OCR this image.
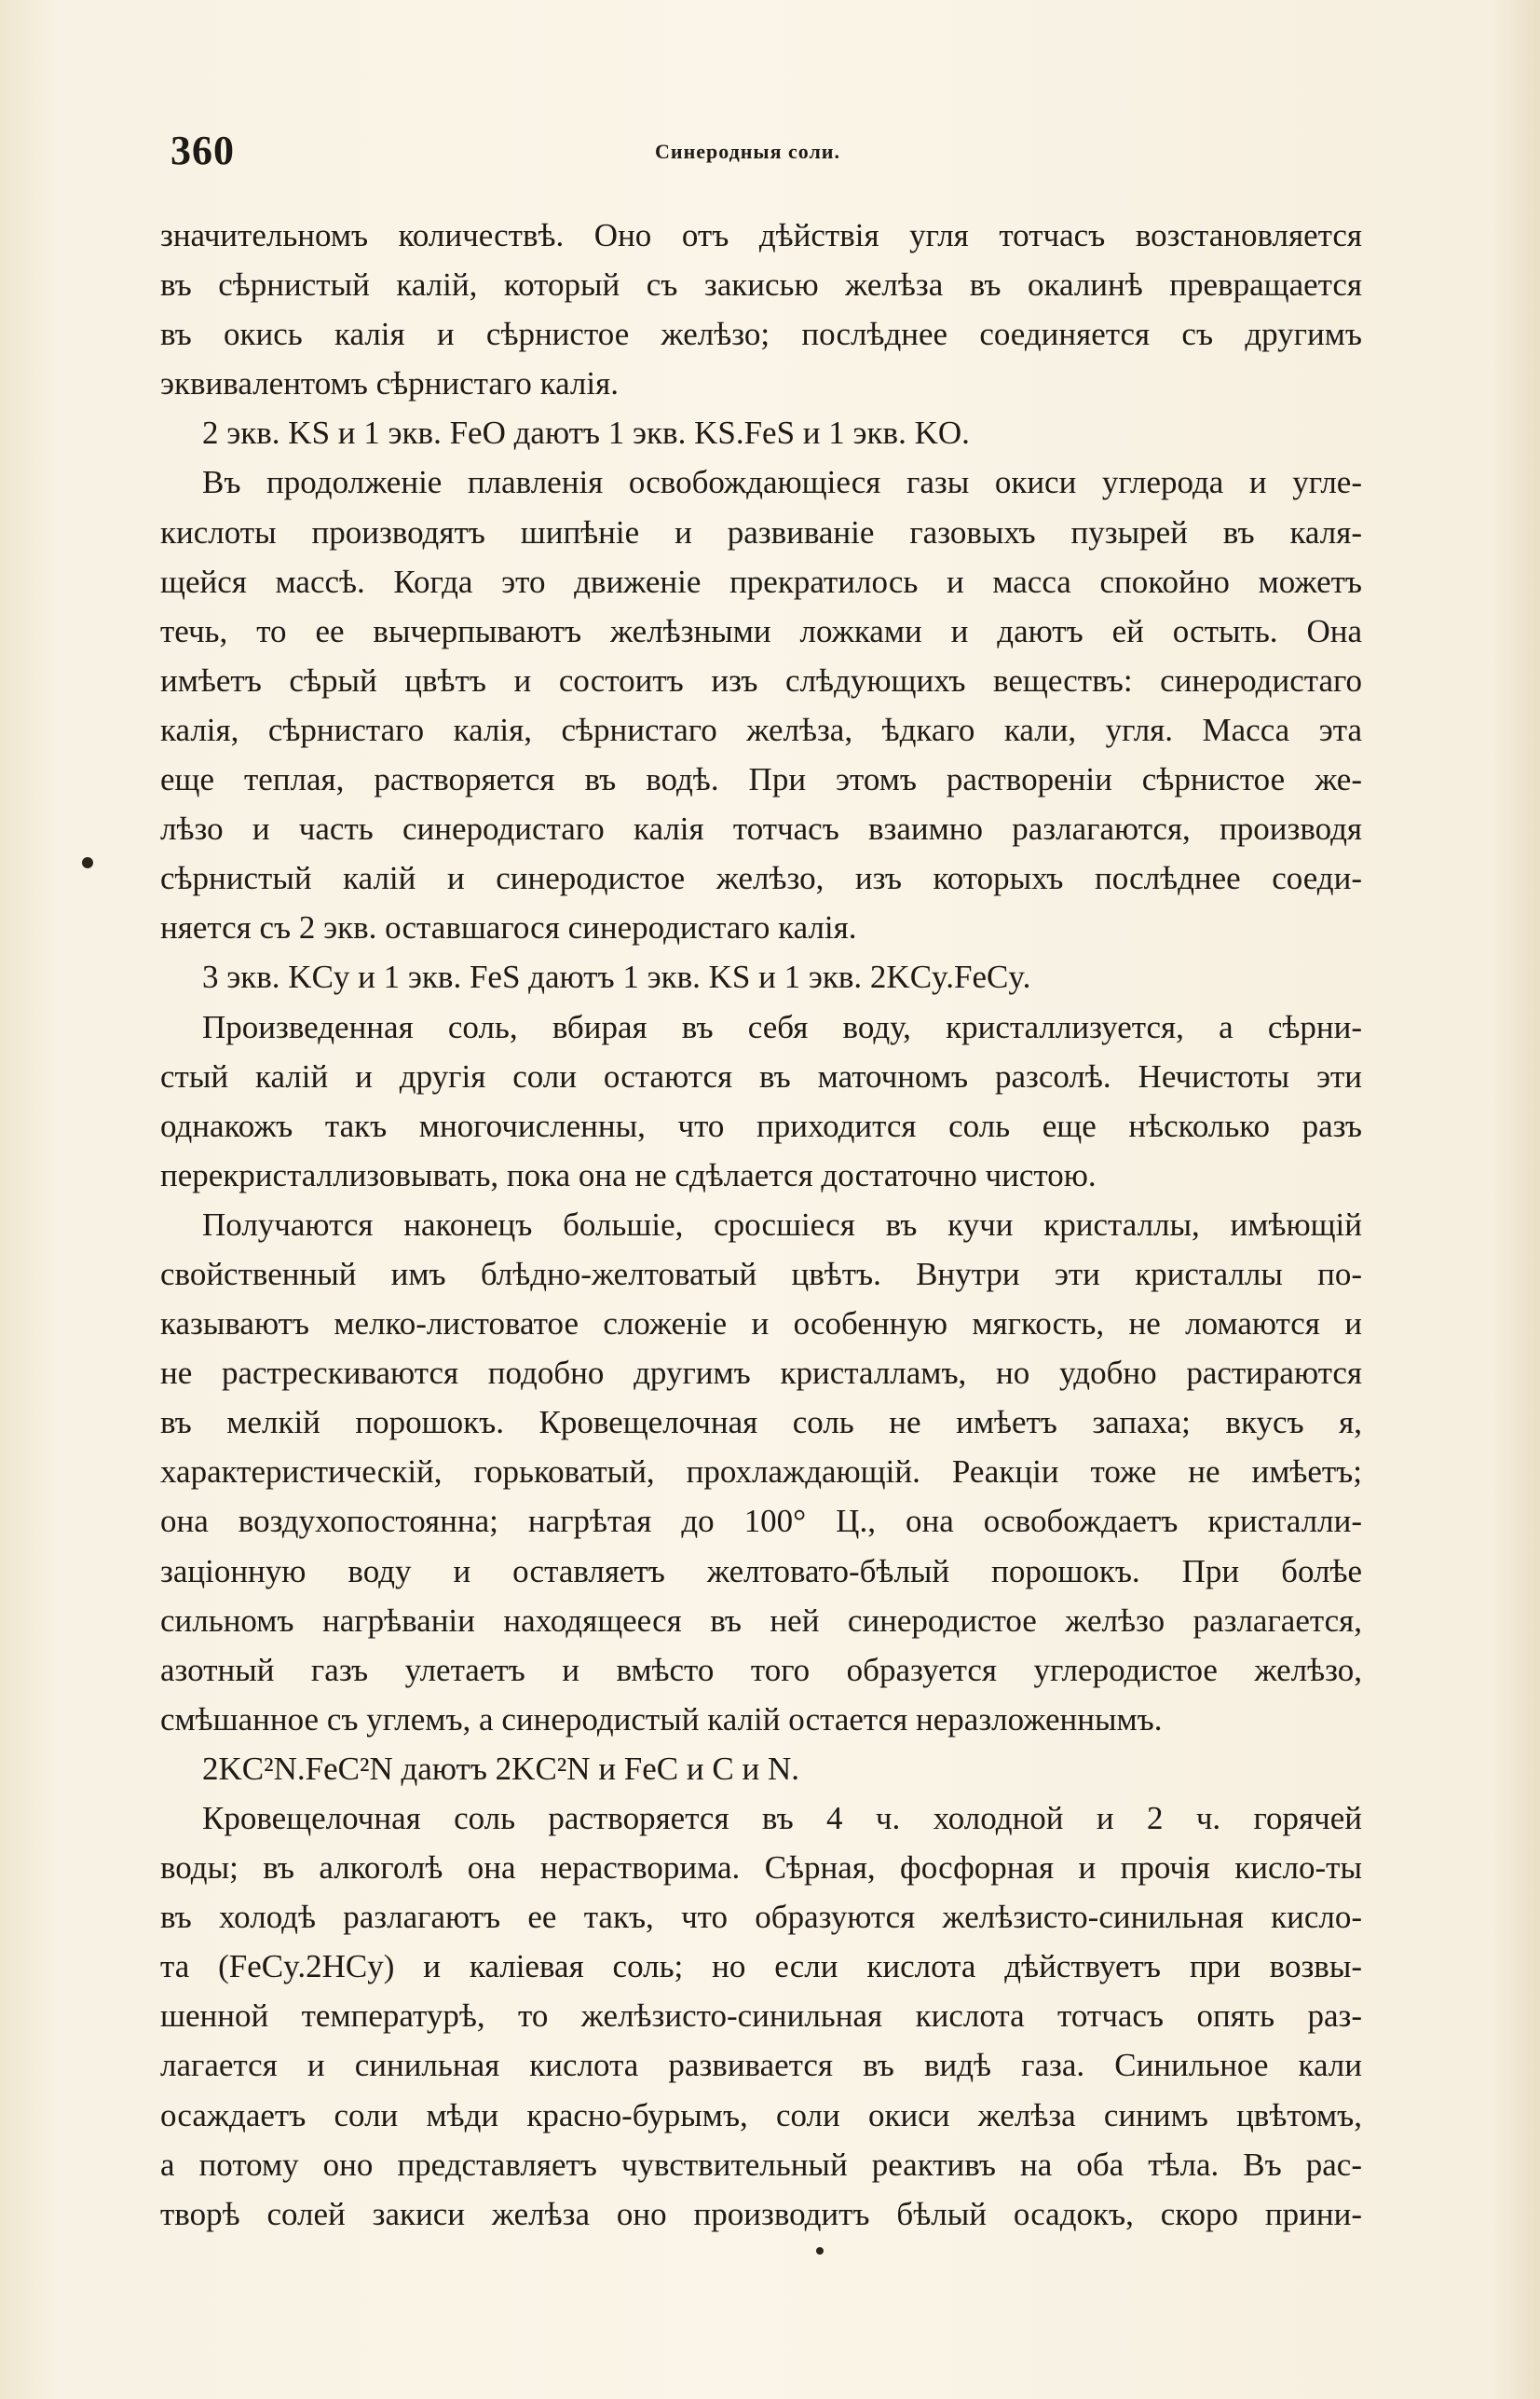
360	Синеродныя соли.
значительномъ количествѣ. Оно отъ дѣйствія угля тотчасъ возстановляется
въ сѣрнистый калій, который съ закисью желѣза въ окалинѣ превращается
въ окись калія и сѣрнистое желѣзо; послѣднее соединяется съ другимъ
эквивалентомъ сѣрнистаго калія.
2 экв. KS и 1 экв. FeO даютъ 1 экв. KS.FeS и 1 экв. KO.
Въ продолженіе плавленія освобождающіеся газы окиси углерода и угле-
кислоты производятъ шипѣніе и развиваніе газовыхъ пузырей въ каля-
щейся массѣ. Когда это движеніе прекратилось и масса спокойно можетъ
течь, то ее вычерпываютъ желѣзными ложками и даютъ ей остыть. Она
имѣетъ сѣрый цвѣтъ и состоитъ изъ слѣдующихъ веществъ: синеродистаго
калія, сѣрнистаго калія, сѣрнистаго желѣза, ѣдкаго кали, угля. Масса эта
еще теплая, растворяется въ водѣ. При этомъ раствореніи сѣрнистое же-
лѣзо и часть синеродистаго калія тотчасъ взаимно разлагаются, производя
сѣрнистый калій и синеродистое желѣзо, изъ которыхъ послѣднее соеди-
няется съ 2 экв. оставшагося синеродистаго калія.
3 экв. KCy и 1 экв. FeS даютъ 1 экв. KS и 1 экв. 2KCy.FeCy.
Произведенная соль, вбирая въ себя воду, кристаллизуется, а сѣрни-
стый калій и другія соли остаются въ маточномъ разсолѣ. Нечистоты эти
однакожъ такъ многочисленны, что приходится соль еще нѣсколько разъ
перекристаллизовывать, пока она не сдѣлается достаточно чистою.
Получаются наконецъ большіе, сросшіеся въ кучи кристаллы, имѣющій
свойственный имъ блѣдно-желтоватый цвѣтъ. Внутри эти кристаллы по-
казываютъ мелко-листоватое сложеніе и особенную мягкость, не ломаются и
не растрескиваются подобно другимъ кристалламъ, но удобно растираются
въ мелкій порошокъ. Кровещелочная соль не имѣетъ запаха; вкусъ я,
характеристическій, горьковатый, прохлаждающій. Реакціи тоже не имѣетъ;
она воздухопостоянна; нагрѣтая до 100° Ц., она освобождаетъ кристалли-
заціонную воду и оставляетъ желтовато-бѣлый порошокъ. При болѣе
сильномъ нагрѣваніи находящееся въ ней синеродистое желѣзо разлагается,
азотный газъ улетаетъ и вмѣсто того образуется углеродистое желѣзо,
смѣшанное съ углемъ, а синеродистый калій остается неразложеннымъ.
2KC²N.FeC²N даютъ 2KC²N и FeC и C и N.
Кровещелочная соль растворяется въ 4 ч. холодной и 2 ч. горячей
воды; въ алкоголѣ она нерастворима. Сѣрная, фосфорная и прочія кисло-ты
въ холодѣ разлагаютъ ее такъ, что образуются желѣзисто-синильная кисло-
та (FeCy.2HCy) и каліевая соль; но если кислота дѣйствуетъ при возвы-
шенной температурѣ, то желѣзисто-синильная кислота тотчасъ опять раз-
лагается и синильная кислота развивается въ видѣ газа. Синильное кали
осаждаетъ соли мѣди красно-бурымъ, соли окиси желѣза синимъ цвѣтомъ,
а потому оно представляетъ чувствительный реактивъ на оба тѣла. Въ рас-
творѣ солей закиси желѣза оно производитъ бѣлый осадокъ, скоро прини-
